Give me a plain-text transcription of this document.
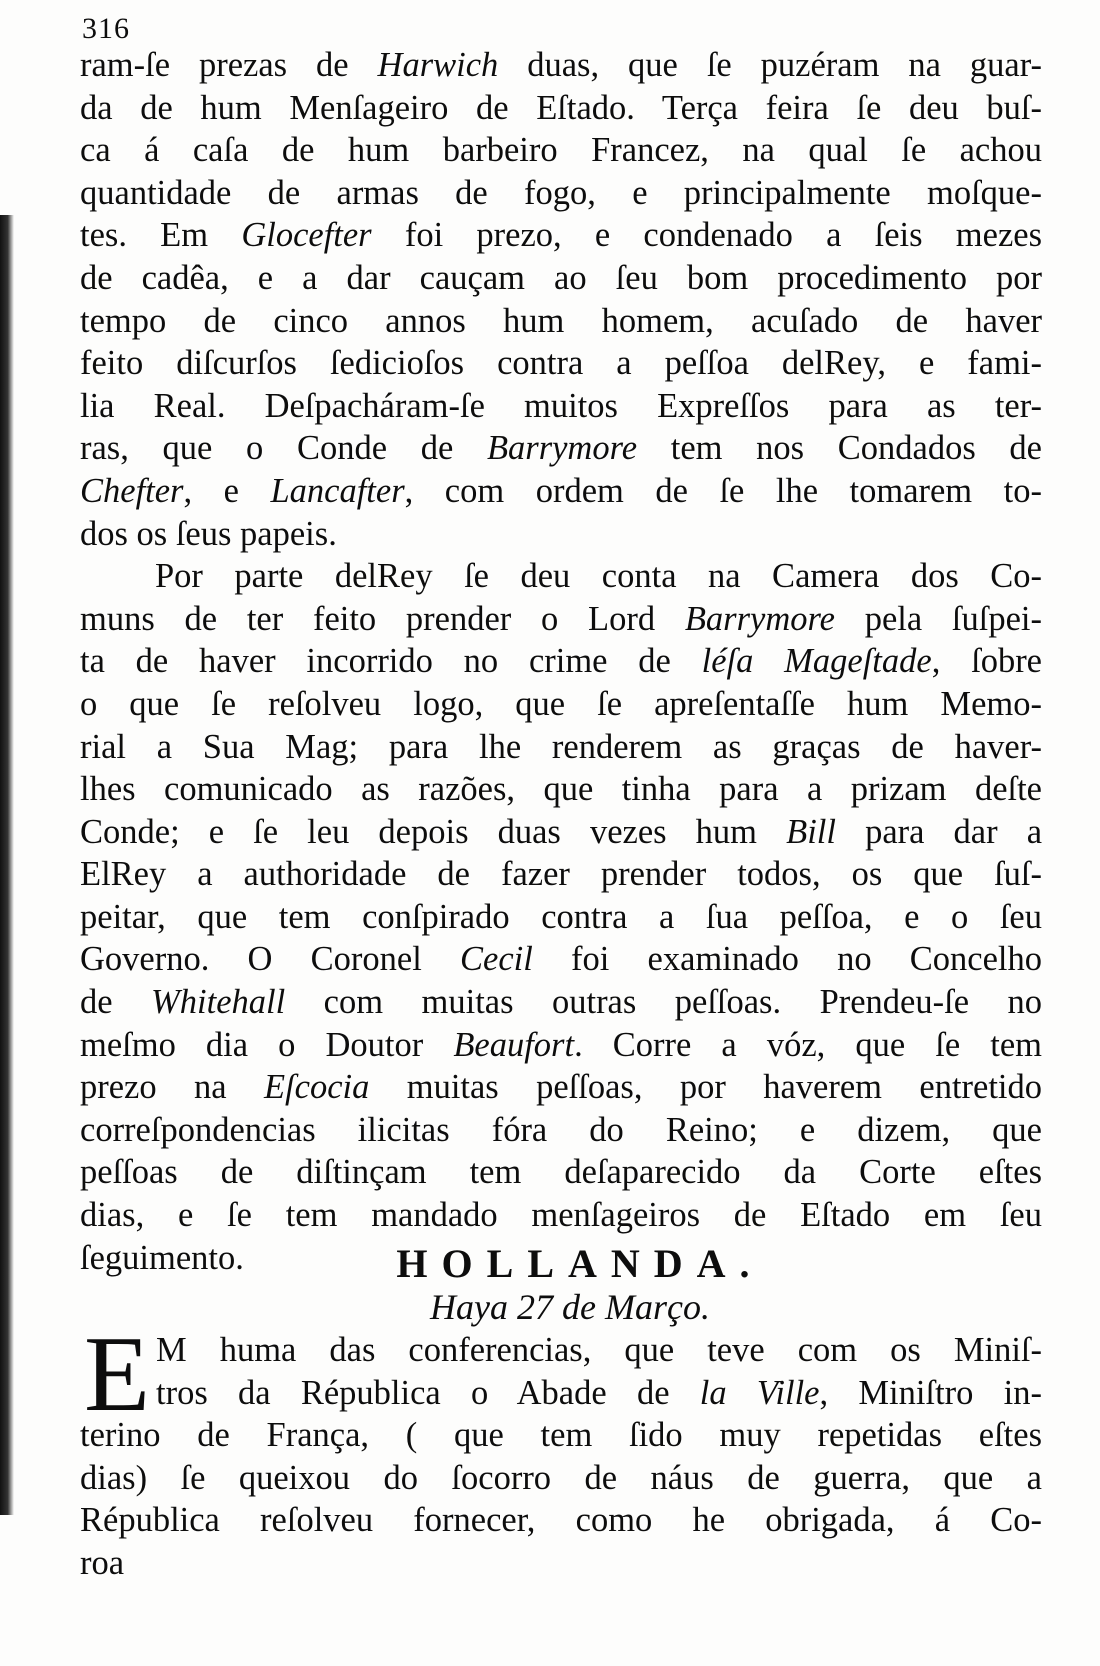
316
ram-ſe prezas de Harwich duas, que ſe puzéram na guar-
da de hum Menſageiro de Eſtado. Terça feira ſe deu buſ-
ca á caſa de hum barbeiro Francez, na qual ſe achou
quantidade de armas de fogo, e principalmente moſque-
tes. Em Glocefter foi prezo, e condenado a ſeis mezes
de cadêa, e a dar cauçam ao ſeu bom procedimento por
tempo de cinco annos hum homem, acuſado de haver
feito diſcurſos ſedicioſos contra a peſſoa delRey, e fami-
lia Real. Deſpacháram-ſe muitos Expreſſos para as ter-
ras, que o Conde de Barrymore tem nos Condados de
Chefter, e Lancafter, com ordem de ſe lhe tomarem to-
dos os ſeus papeis.
Por parte delRey ſe deu conta na Camera dos Co-
muns de ter feito prender o Lord Barrymore pela ſuſpei-
ta de haver incorrido no crime de léſa Mageſtade, ſobre
o que ſe reſolveu logo, que ſe apreſentaſſe hum Memo-
rial a Sua Mag; para lhe renderem as graças de haver-
lhes comunicado as razões, que tinha para a prizam deſte
Conde; e ſe leu depois duas vezes hum Bill para dar a
ElRey a authoridade de fazer prender todos, os que ſuſ-
peitar, que tem conſpirado contra a ſua peſſoa, e o ſeu
Governo. O Coronel Cecil foi examinado no Concelho
de Whitehall com muitas outras peſſoas. Prendeu-ſe no
meſmo dia o Doutor Beaufort. Corre a vóz, que ſe tem
prezo na Eſcocia muitas peſſoas, por haverem entretido
correſpondencias ilicitas fóra do Reino; e dizem, que
peſſoas de diſtinçam tem deſaparecido da Corte eſtes
dias, e ſe tem mandado menſageiros de Eſtado em ſeu
ſeguimento.	HOLLANDA.
Haya 27 de Março.
E M huma das conferencias, que teve com os Miniſ-
tros da Républica o Abade de la Ville, Miniſtro in-
terino de França, ( que tem ſido muy repetidas eſtes
dias) ſe queixou do ſocorro de náus de guerra, que a
Républica reſolveu fornecer, como he obrigada, á Co-
roa
